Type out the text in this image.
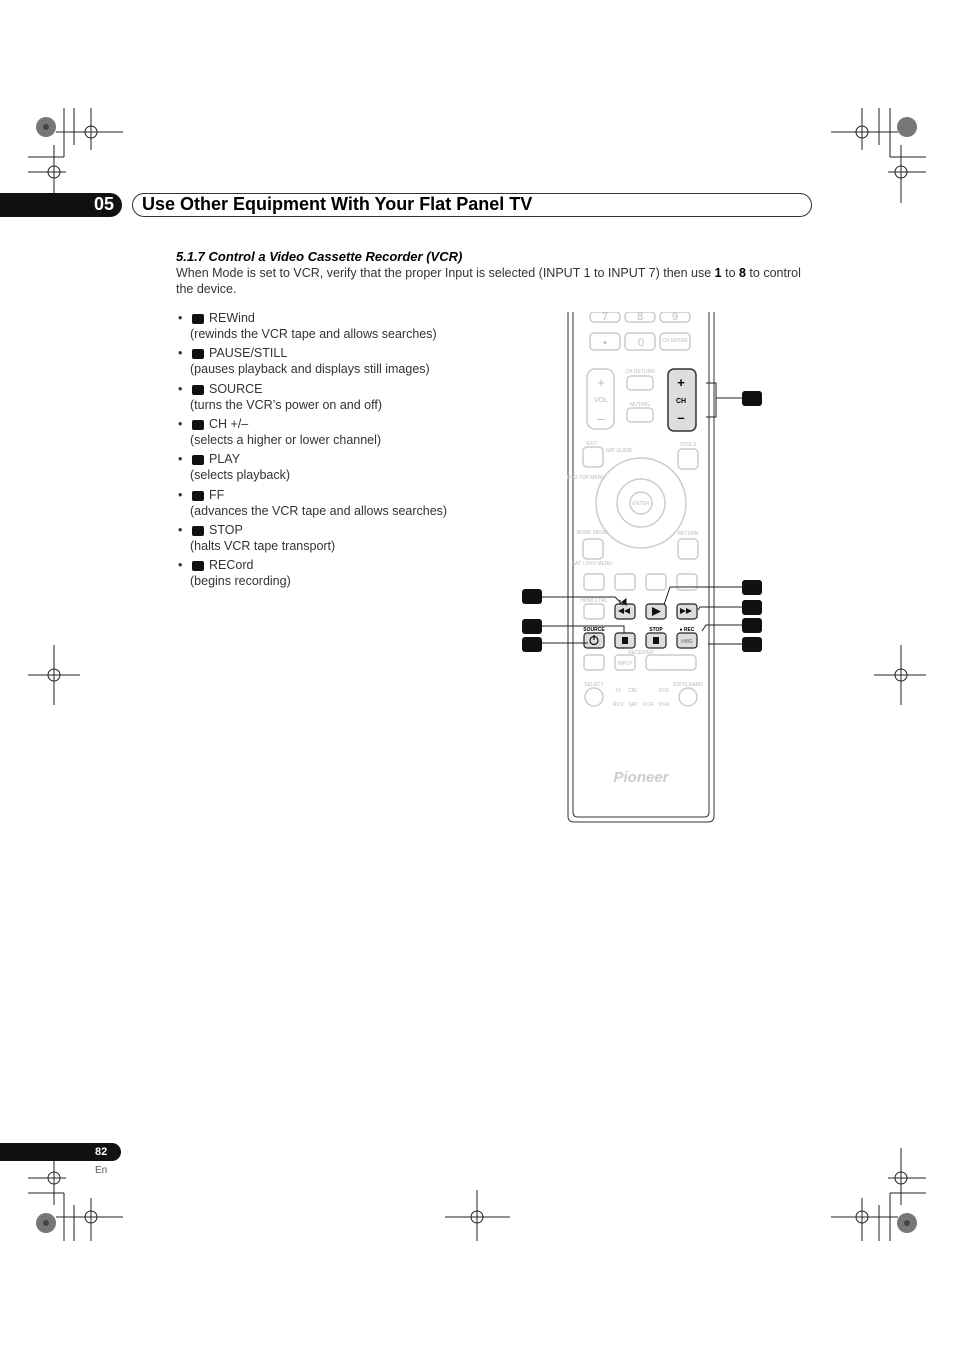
05 Use Other Equipment With Your Flat Panel TV
5.1.7 Control a Video Cassette Recorder (VCR)
When Mode is set to VCR, verify that the proper Input is selected (INPUT 1 to INPUT 7) then use 1 to 8 to control the device.
• REWind
(rewinds the VCR tape and allows searches)
• PAUSE/STILL
(pauses playback and displays still images)
• SOURCE
(turns the VCR’s power on and off)
• CH +/–
(selects a higher or lower channel)
• PLAY
(selects playback)
• FF
(advances the VCR tape and allows searches)
• STOP
(halts VCR tape transport)
• RECord
(begins recording)
0
•
7	8	9
+
–
CH ENTER
VOL
CH RETURN
MUTING
EXIT
SAT GUIDE
TOOLS
DVD TOP MENU
ENTER
HOME MENU	RETURN
SAT / DVD MENU
HDMI CTRL
RECEIVER
INPUT
SELECT	EDIT/LEARN
TV CBL	DVD
RCV SAT VCR DVR
+
CH
–
SOURCE	STOP	● REC
HMG
Pioneer
82
En
